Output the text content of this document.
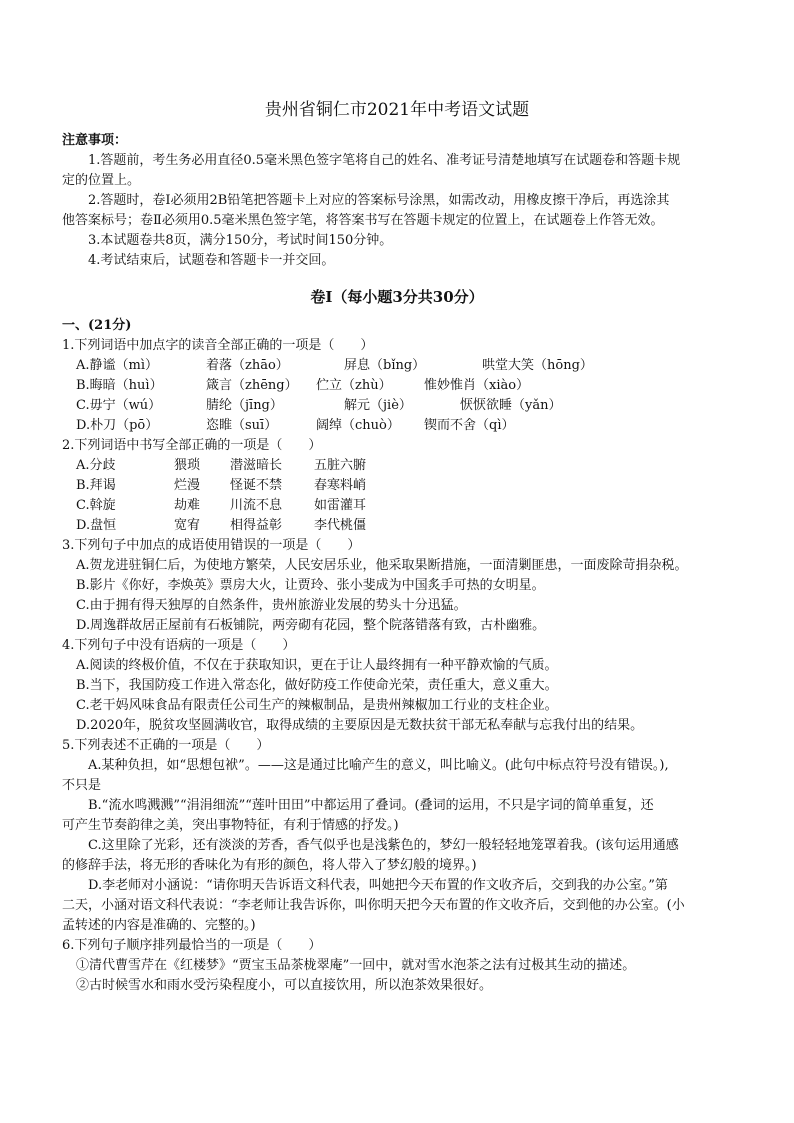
贵州省铜仁市2021年中考语文试题
注意事项：
1.答题前，考生务必用直径0.5毫米黑色签字笔将自己的姓名、准考证号清楚地填写在试题卷和答题卡规
定的位置上。
2.答题时，卷Ⅰ必须用2B铅笔把答题卡上对应的答案标号涂黑，如需改动，用橡皮擦干净后，再选涂其
他答案标号；卷Ⅱ必须用0.5毫米黑色签字笔，将答案书写在答题卡规定的位置上，在试题卷上作答无效。
3.本试题卷共8页，满分150分，考试时间150分钟。
4.考试结束后，试题卷和答题卡一并交回。
卷Ⅰ（每小题3分共30分）
一、(21分)
1.下列词语中加点字的读音全部正确的一项是（　　）
A.静谧（mì）	着落（zhāo）	屏息（bǐng）	哄堂大笑（hōng）
B.晦暗（huì）	箴言（zhēng）	伫立（zhù）	惟妙惟肖（xiào）
C.毋宁（wú）	腈纶（jīng）	解元（jiè）	恹恹欲睡（yǎn）
D.朴刀（pō）	恣睢（suī）	阔绰（chuò）	锲而不舍（qì）
2.下列词语中书写全部正确的一项是（　　）
A.分歧	猥琐	潜滋暗长	五脏六腑
B.拜谒	烂漫	怪诞不禁	春寒料峭
C.斡旋	劫难	川流不息	如雷灌耳
D.盘恒	宽宥	相得益彰	李代桃僵
3.下列句子中加点的成语使用错误的一项是（　　）
A.贺龙进驻铜仁后，为使地方繁荣，人民安居乐业，他采取果断措施，一面清剿匪患，一面废除苛捐杂税。
B.影片《你好，李焕英》票房大火，让贾玲、张小斐成为中国炙手可热的女明星。
C.由于拥有得天独厚的自然条件，贵州旅游业发展的势头十分迅猛。
D.周逸群故居正屋前有石板铺院，两旁砌有花园，整个院落错落有致，古朴幽雅。
4.下列句子中没有语病的一项是（　　）
A.阅读的终极价值，不仅在于获取知识，更在于让人最终拥有一种平静欢愉的气质。
B.当下，我国防疫工作进入常态化，做好防疫工作使命光荣，责任重大，意义重大。
C.老干妈风味食品有限责任公司生产的辣椒制品，是贵州辣椒加工行业的支柱企业。
D.2020年，脱贫攻坚圆满收官，取得成绩的主要原因是无数扶贫干部无私奉献与忘我付出的结果。
5.下列表述不正确的一项是（　　）
A.某种负担，如“思想包袱”。——这是通过比喻产生的意义，叫比喻义。(此句中标点符号没有错误。),
不只是
B.“流水鸣溅溅”“涓涓细流”“莲叶田田”中都运用了叠词。(叠词的运用，不只是字词的简单重复，还
可产生节奏韵律之美，突出事物特征，有利于情感的抒发。)
C.这里除了光彩，还有淡淡的芳香，香气似乎也是浅紫色的，梦幻一般轻轻地笼罩着我。(该句运用通感
的修辞手法，将无形的香味化为有形的颜色，将人带入了梦幻般的境界。)
D.李老师对小涵说：“请你明天告诉语文科代表，叫她把今天布置的作文收齐后，交到我的办公室。”第
二天，小涵对语文科代表说：“李老师让我告诉你，叫你明天把今天布置的作文收齐后，交到他的办公室。(小
孟转述的内容是准确的、完整的。)
6.下列句子顺序排列最恰当的一项是（　　）
①清代曹雪芹在《红楼梦》“贾宝玉品茶栊翠庵”一回中，就对雪水泡茶之法有过极其生动的描述。
②古时候雪水和雨水受污染程度小，可以直接饮用，所以泡茶效果很好。
